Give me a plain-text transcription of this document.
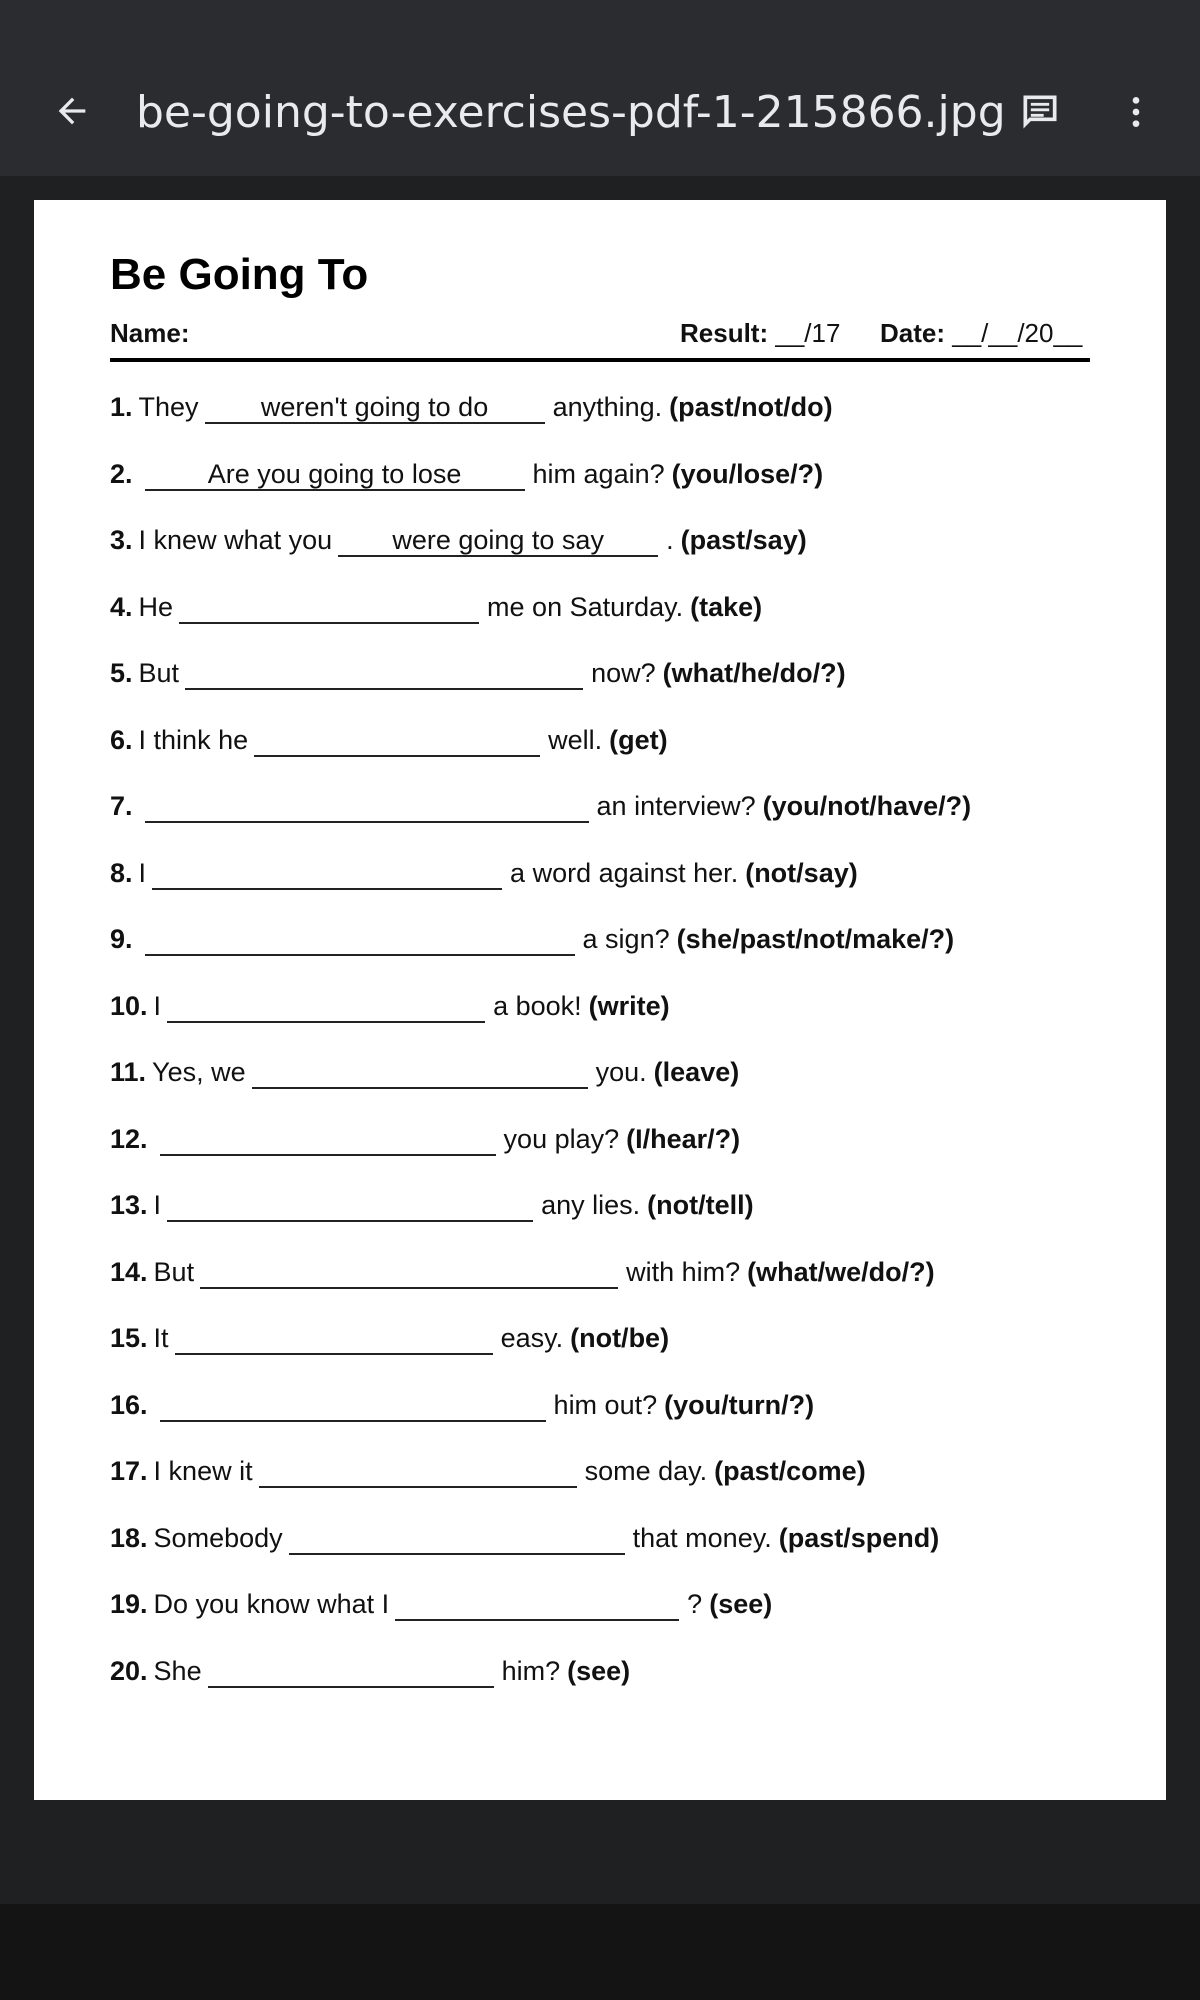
be-going-to-exercises-pdf-1-215866.jpg
Be Going To
Name:	Result: __/17 Date: __/__/20__
1. They	weren't going to do	anything. (past/not/do)
2.	Are you going to lose	him again? (you/lose/?)
3. I knew what you	were going to say	. (past/say)
4. He	me on Saturday. (take)
5. But	now? (what/he/do/?)
6. I think he	well. (get)
7.	an interview? (you/not/have/?)
8. I	a word against her. (not/say)
9.	a sign? (she/past/not/make/?)
10. I	a book! (write)
11. Yes, we	you. (leave)
12.	you play? (I/hear/?)
13. I	any lies. (not/tell)
14. But	with him? (what/we/do/?)
15. It	easy. (not/be)
16.	him out? (you/turn/?)
17. I knew it	some day. (past/come)
18. Somebody	that money. (past/spend)
19. Do you know what I	? (see)
20. She	him? (see)
